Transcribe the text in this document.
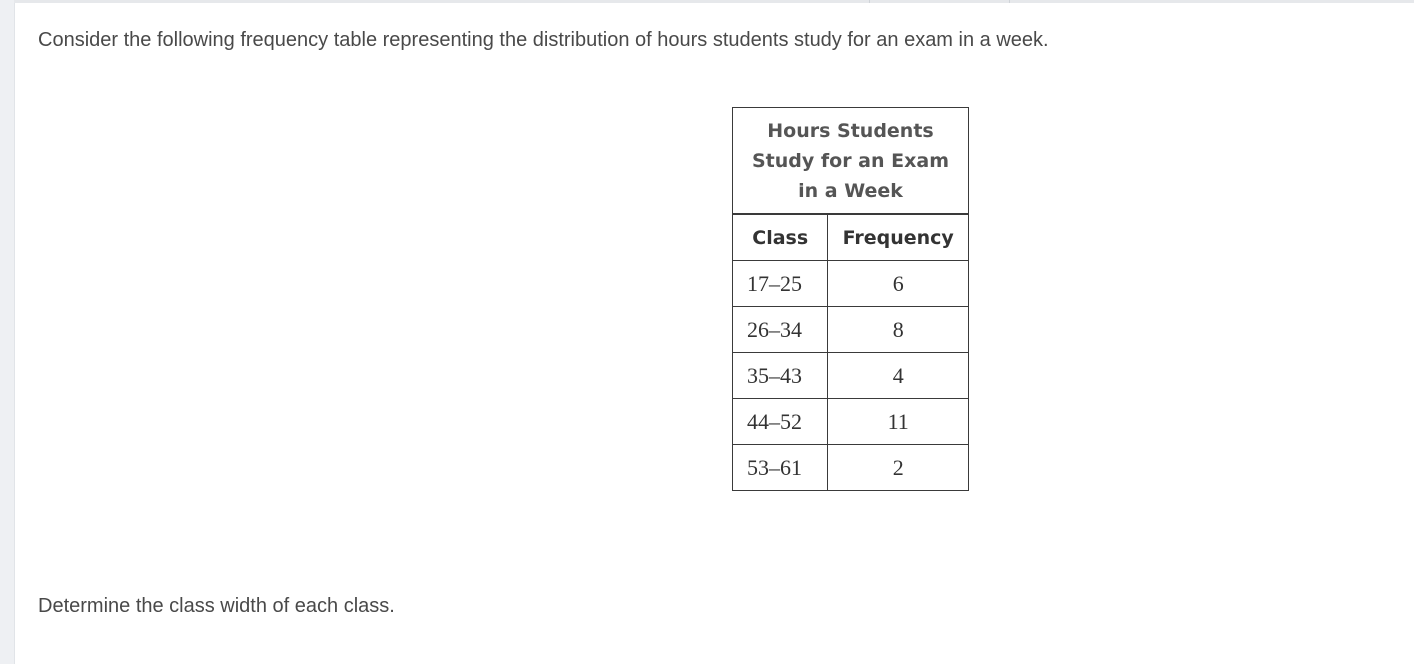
Consider the following frequency table representing the distribution of hours students study for an exam in a week.

Hours Students
Study for an Exam
in a Week	
Class	Frequency
17–25	6
26–34	8
35–43	4
44–52	11
53–61	2

Determine the class width of each class.
